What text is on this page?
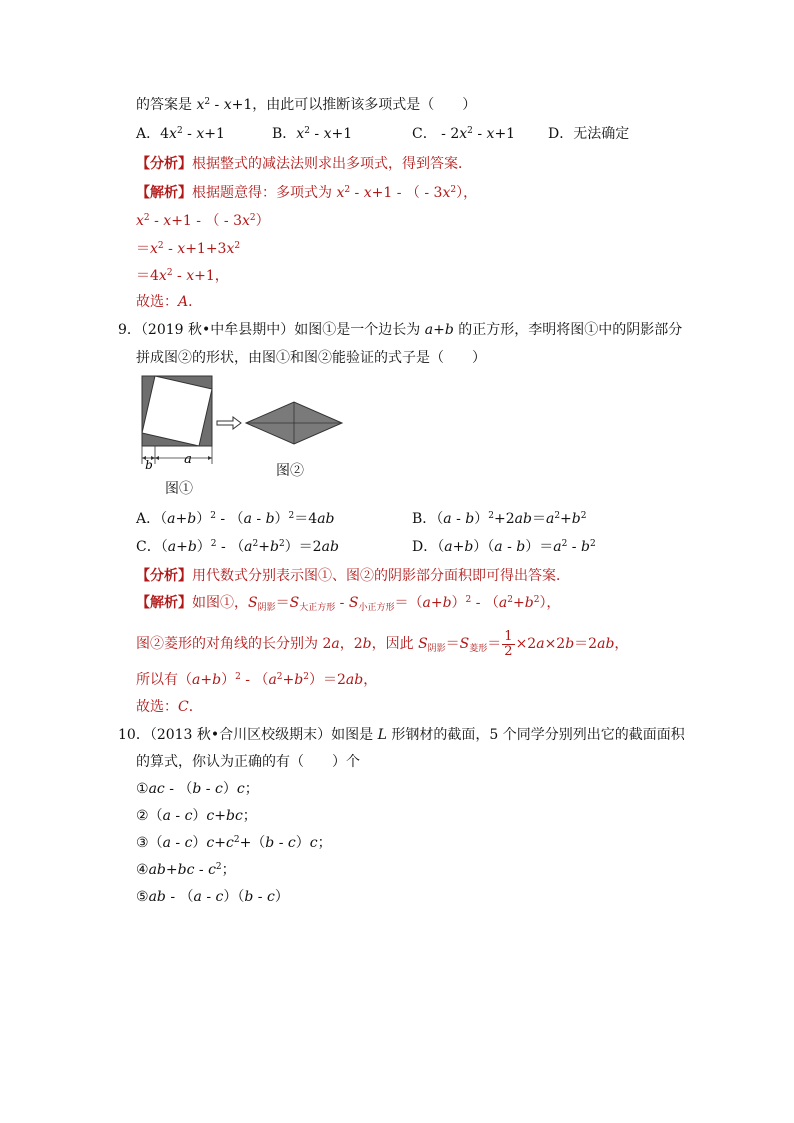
的答案是 $x^2 - x+1$，由此可以推断该多项式是（　　）
A．$4x^2 - x+1$	B．$x^2 - x+1$	C． - $2x^2 - x+1$ D．无法确定
【分析】根据整式的减法法则求出多项式，得到答案．
【解析】根据题意得：多项式为 $x^2 - x+1$ - （ - $3x^2$），
$x^2 - x+1$ - （ - $3x^2$）
$=x^2 - x+1+3x^2$
$=4x^2 - x+1$，
故选：A．
9．（2019 秋•中牟县期中）如图①是一个边长为 a+b 的正方形，李明将图①中的阴影部分
拼成图②的形状，由图①和图②能验证的式子是（　　）
b a
图②
图①
A．$(a+b)^2 - (a - b)^2=4ab$	B．$(a - b)^2+2ab=a^2+b^2$
C．$(a+b)^2 - (a^2+b^2)=2ab$	D．$(a+b)(a - b)=a^2 - b^2$
【分析】用代数式分别表示图①、图②的阴影部分面积即可得出答案．
【解析】如图①，$S_{阴影}=S_{大正方形} - S_{小正方形}=(a+b)^2 - (a^2+b^2)$，
图②菱形的对角线的长分别为 2a，2b，因此 $S_{阴影}=S_{菱形}= \frac{1}{2} \times 2a\times 2b=2ab$，
所以有$(a+b)^2 - (a^2+b^2)=2ab$，
故选：C．
10．（2013 秋•合川区校级期末）如图是 L 形钢材的截面，5 个同学分别列出它的截面面积
的算式，你认为正确的有（　　）个
①ac - （b - c）c；
②（a - c）c+bc；
③（a - $c)c+c^2+(b - c)c$；
④ab+bc - $c^2$；
⑤ab - （a - c）（b - c）
